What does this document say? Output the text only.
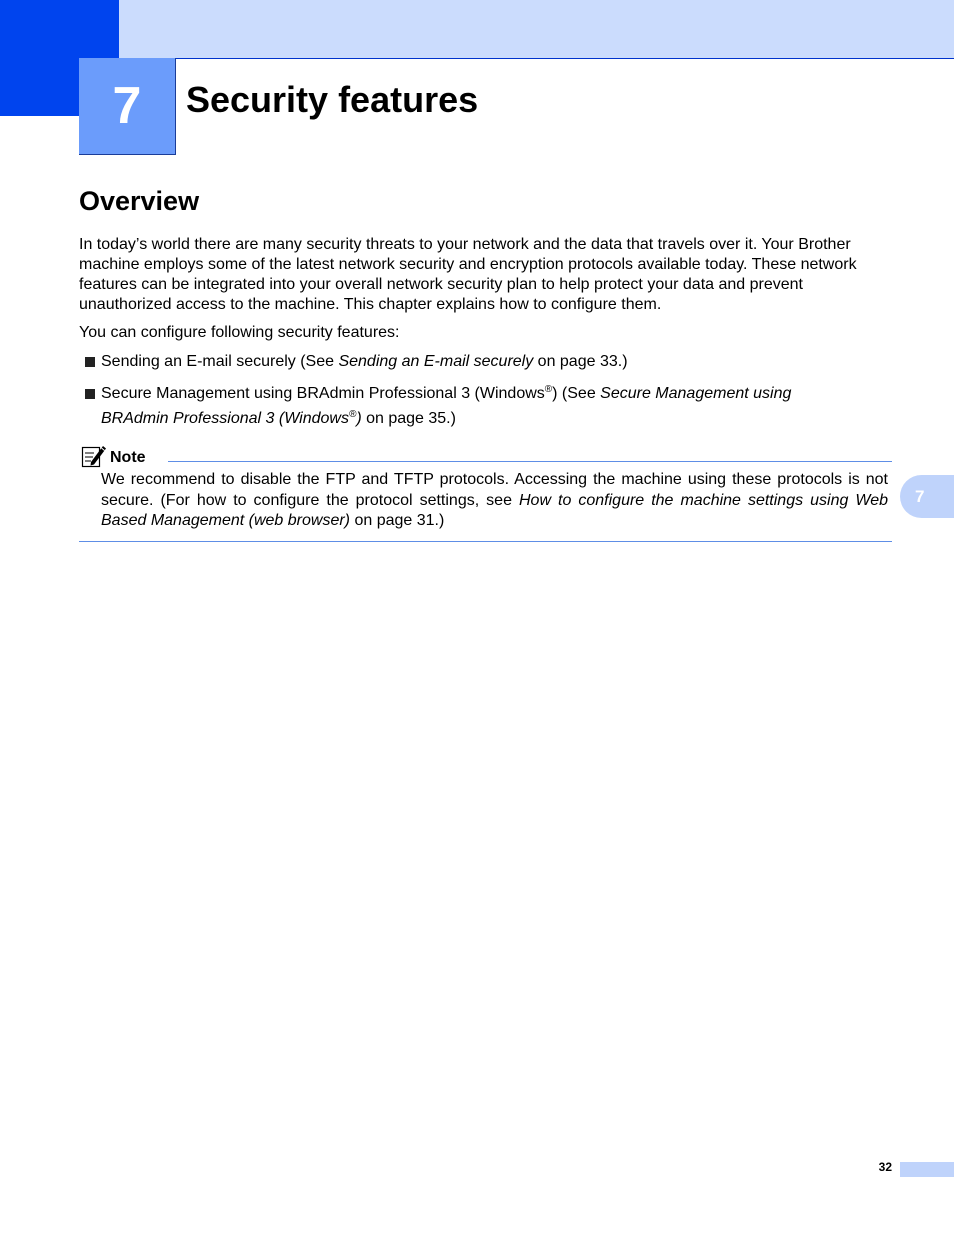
7	Security features
Overview

In today’s world there are many security threats to your network and the data that travels over it. Your Brother machine employs some of the latest network security and encryption protocols available today. These network features can be integrated into your overall network security plan to help protect your data and prevent unauthorized access to the machine. This chapter explains how to configure them.

You can configure following security features:

Sending an E-mail securely (See Sending an E-mail securely on page 33.)
Secure Management using BRAdmin Professional 3 (Windows®) (See Secure Management using BRAdmin Professional 3 (Windows®) on page 35.)
Note

We recommend to disable the FTP and TFTP protocols. Accessing the machine using these protocols is not secure. (For how to configure the protocol settings, see How to configure the machine settings using Web Based Management (web browser) on page 31.)

7
32
